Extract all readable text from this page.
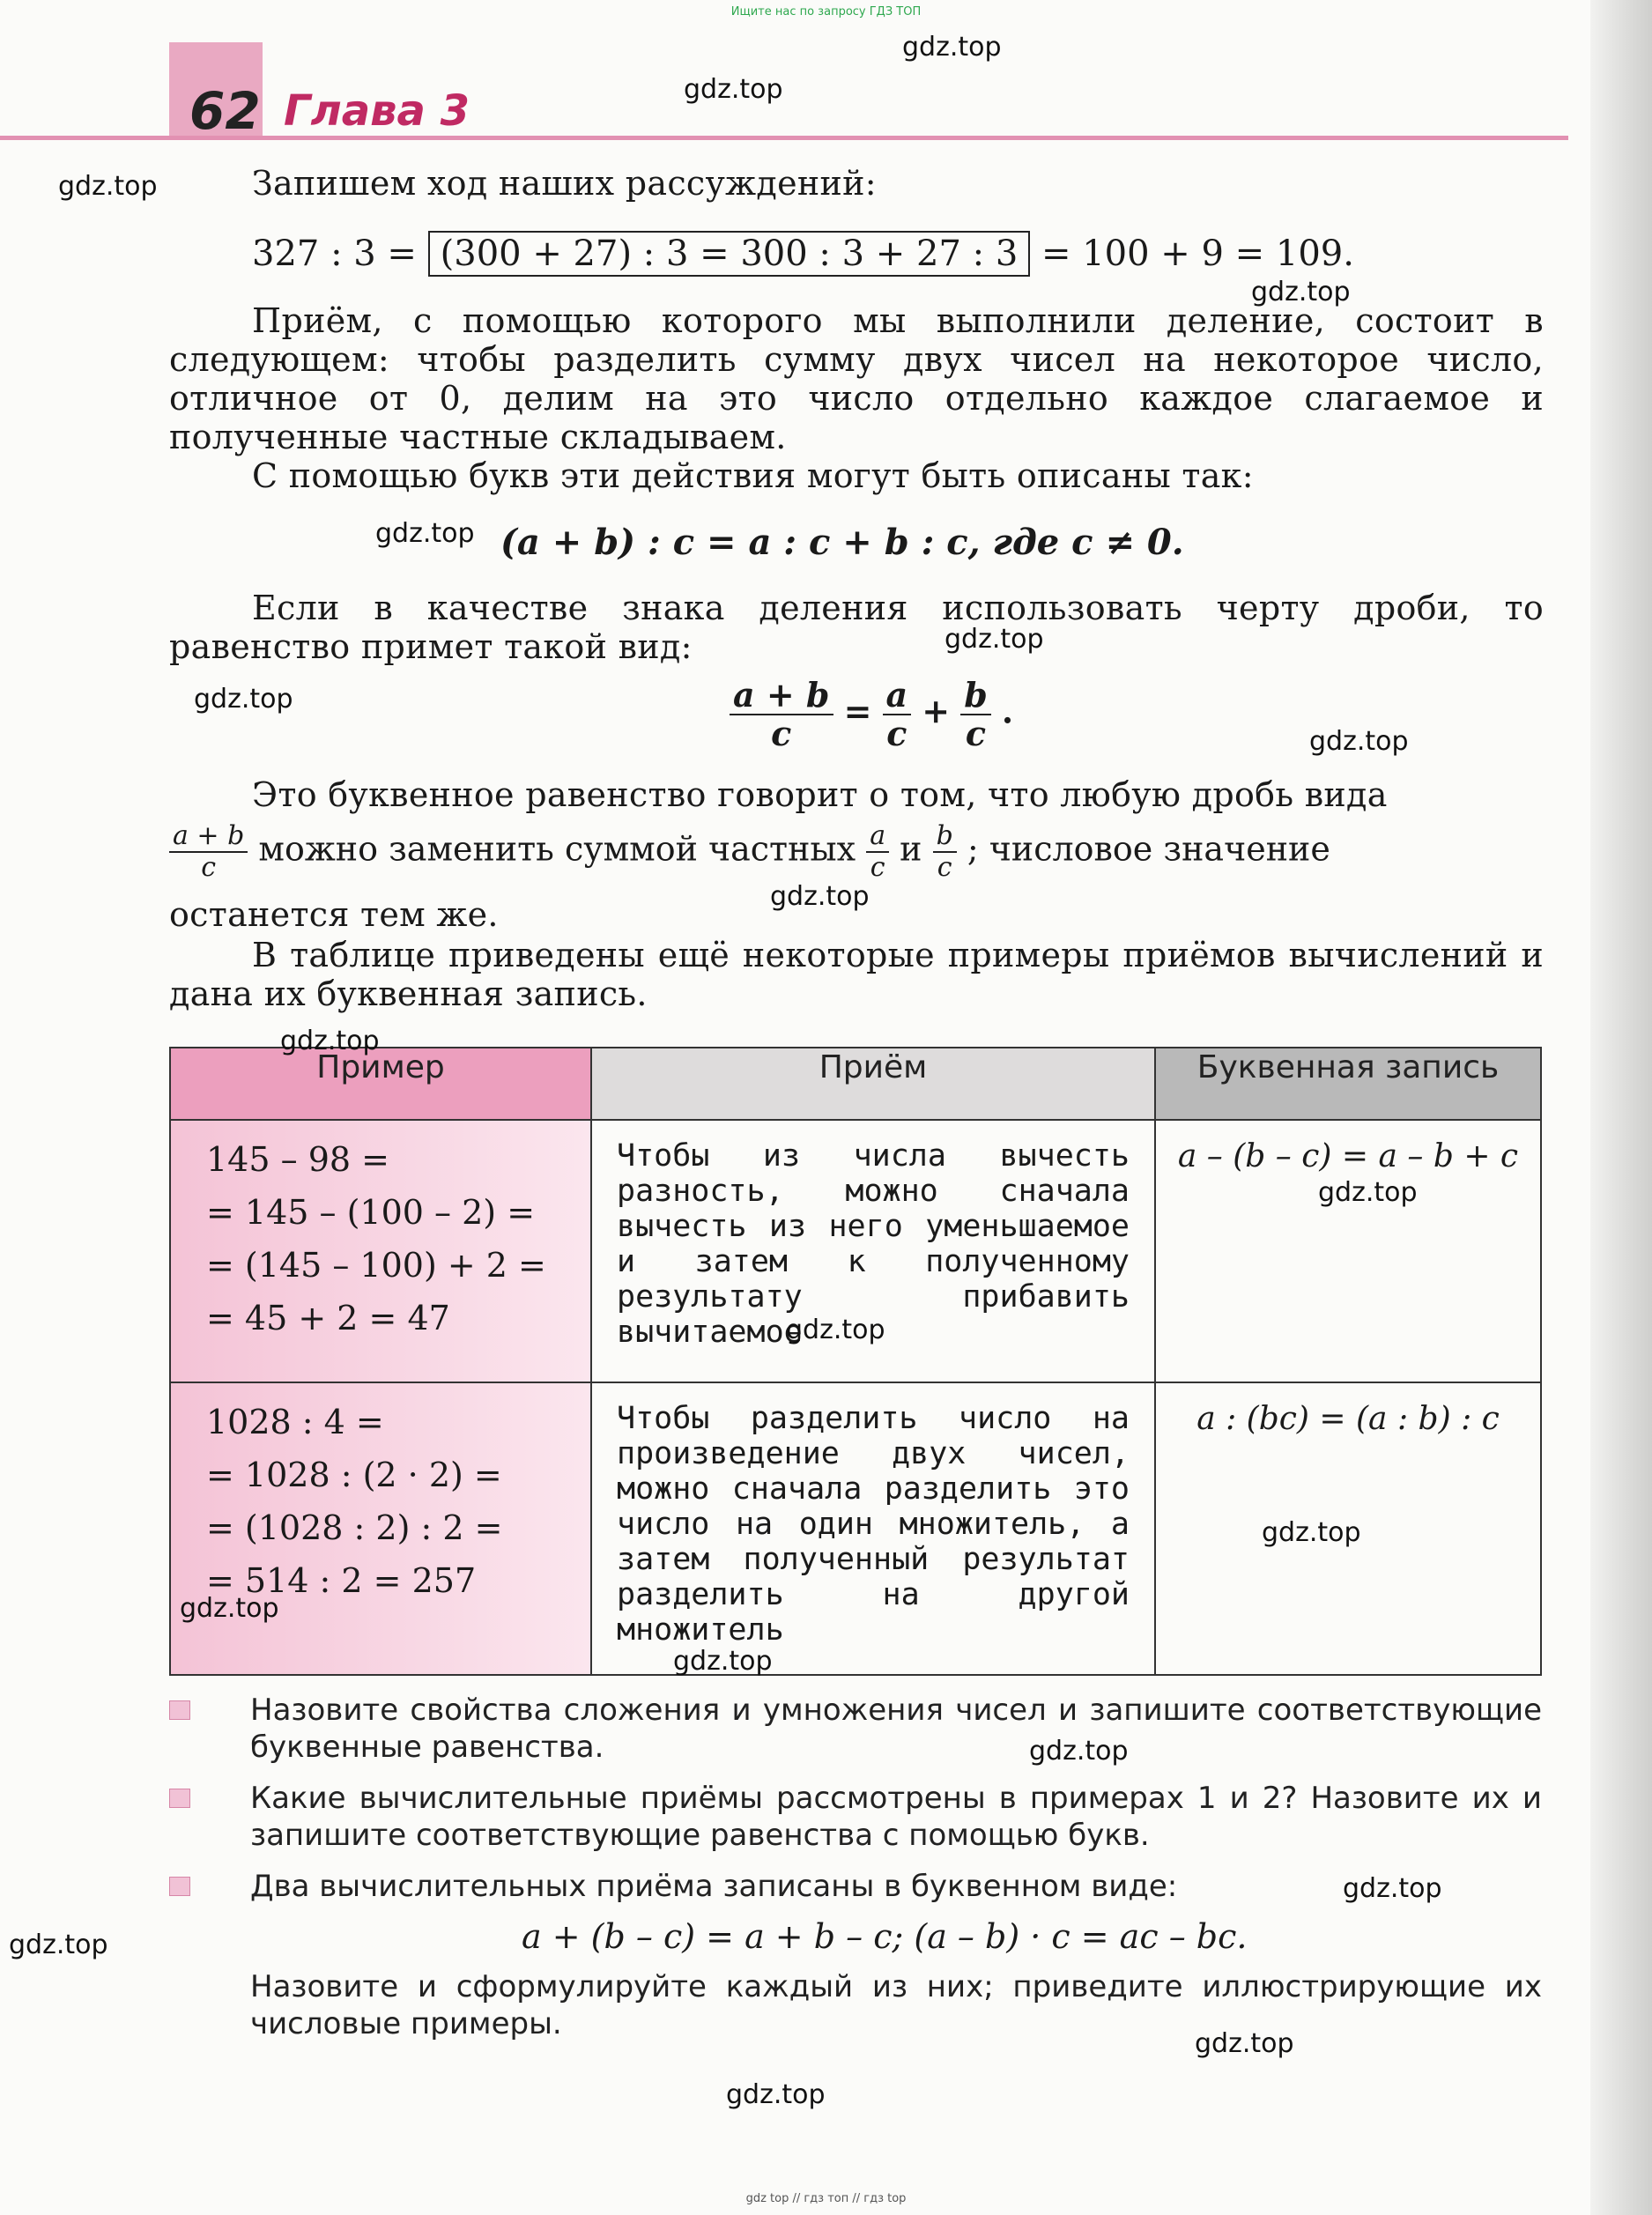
Ищите нас по запросу ГДЗ ТОП
62 Глава 3
Запишем ход наших рассуждений:
327 : 3 = (300 + 27) : 3 = 300 : 3 + 27 : 3 = 100 + 9 = 109.
Приём, с помощью которого мы выполнили деление, состоит в следующем: чтобы разделить сумму двух чисел на некоторое число, отличное от 0, делим на это число отдельно каждое слагаемое и полученные частные складываем.
С помощью букв эти действия могут быть описаны так:
(a + b) : c = a : c + b : c, где c ≠ 0.
Если в качестве знака деления использовать черту дроби, то равенство примет такой вид:
$\frac{a + b}{c} = \frac{a}{c} + \frac{b}{c}$ .
Это буквенное равенство говорит о том, что любую дробь вида
$\frac{a + b}{c}$ можно заменить суммой частных $\frac{a}{c}$ и $\frac{b}{c}$ ; числовое значение
останется тем же.
В таблице приведены ещё некоторые примеры приёмов вычислений и дана их буквенная запись.
Пример	Приём	Буквенная запись

145 – 98 =
= 145 – (100 – 2) =
= (145 – 100) + 2 =
= 45 + 2 = 47	Чтобы из числа вычесть разность, можно сначала вычесть из него уменьшаемое и затем к полученному результату прибавить вычитаемое	a – (b – c) = a – b + c

1028 : 4 =
= 1028 : (2 · 2) =
= (1028 : 2) : 2 =
= 514 : 2 = 257	Чтобы разделить число на произведение двух чисел, можно сначала разделить это число на один множитель, а затем полученный результат разделить на другой множитель	a : (bc) = (a : b) : c
Назовите свойства сложения и умножения чисел и запишите соответствующие буквенные равенства.
Какие вычислительные приёмы рассмотрены в примерах 1 и 2? Назовите их и запишите соответствующие равенства с помощью букв.
Два вычислительных приёма записаны в буквенном виде:
a + (b – c) = a + b – c; (a – b) · c = ac – bc.
Назовите и сформулируйте каждый из них; приведите иллюстрирующие их числовые примеры.
gdz.top
gdz.top
gdz.top
gdz.top
gdz.top
gdz.top
gdz.top
gdz.top
gdz.top
gdz.top
gdz.top
gdz.top
gdz.top
gdz.top
gdz.top
gdz.top
gdz.top
gdz.top
gdz.top
gdz.top
gdz top // гдз топ // гдз top
